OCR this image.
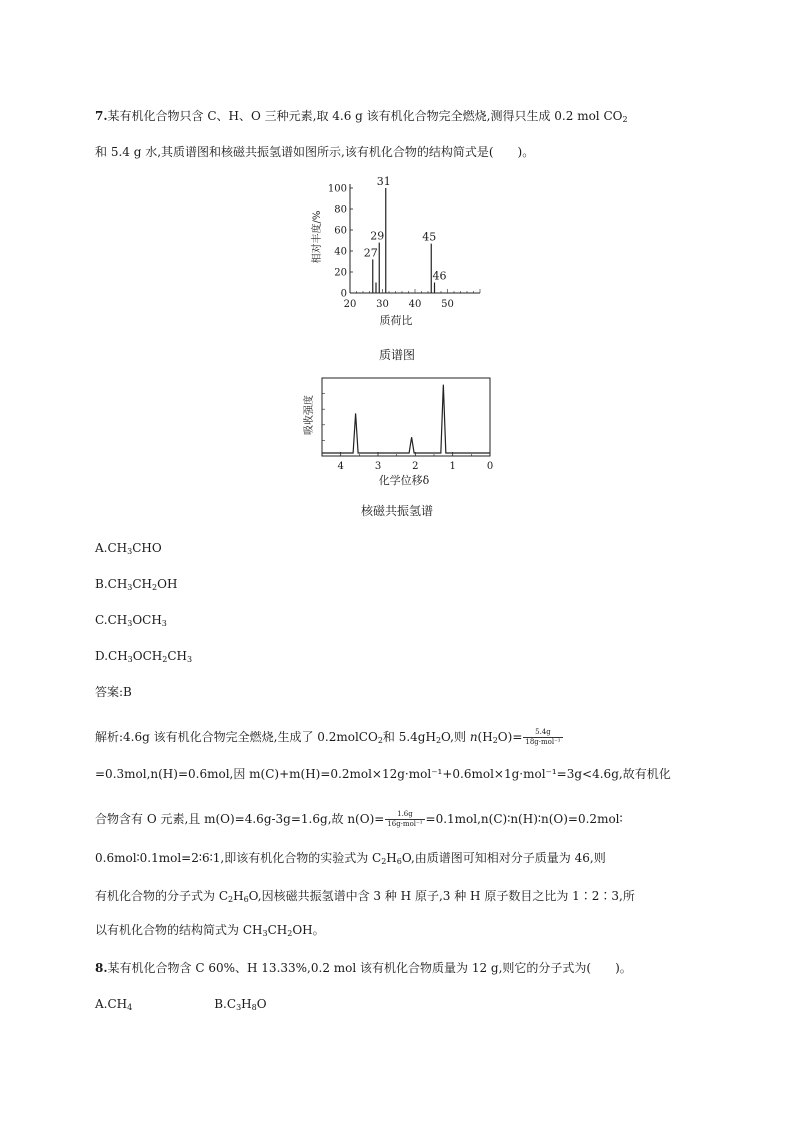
7.某有机化合物只含 C、H、O 三种元素,取 4.6 g 该有机化合物完全燃烧,测得只生成 0.2 mol $CO_2$
和 5.4 g 水,其质谱图和核磁共振氢谱如图所示,该有机化合物的结构简式是(　　)。
0
20
40
60
80
100
20 30 40 50
27
29
31
45
46
相对丰度/%
质荷比
质谱图
4	3	2	1	0
吸收强度
化学位移δ
核磁共振氢谱
$A.CH_3CHO$
$B.CH_3CH_2OH$
$C.CH_3OCH_3$
$D.CH_3OCH_2CH_3$
答案:B
解析:4.6g 该有机化合物完全燃烧,生成了 0.2molCO$_2$和 $5.4gH_2O$,则 $n(H_2O)= \frac{5.4g}{\text{18g·mol⁻¹}}$
=0.3mol,n(H)=0.6mol,因 m(C)+m(H)=0.2mol×12g·mol⁻¹+0.6mol×1g·mol⁻¹=3g<4.6g,故有机化
合物含有 O 元素,且 m(O)=4.6g-3g=1.6g,故 $n(O)= \frac{1.6g}{\text{16g·mol⁻¹}}$ =0.1mol,n(C)∶n(H)∶n(O)=0.2mol∶
0.6mol∶0.1mol=2∶6∶1,即该有机化合物的实验式为 $C_2H_6O$,由质谱图可知相对分子质量为 46,则
有机化合物的分子式为 $C_2H_6O$,因核磁共振氢谱中含 3 种 H 原子,3 种 H 原子数目之比为 1∶2∶3,所
以有机化合物的结构简式为 $CH_3CH_2OH$。
8.某有机化合物含 C 60%、H 13.33%,0.2 mol 该有机化合物质量为 12 g,则它的分子式为(　　)。
$A.CH_4$	$B.C_3H_8O$
